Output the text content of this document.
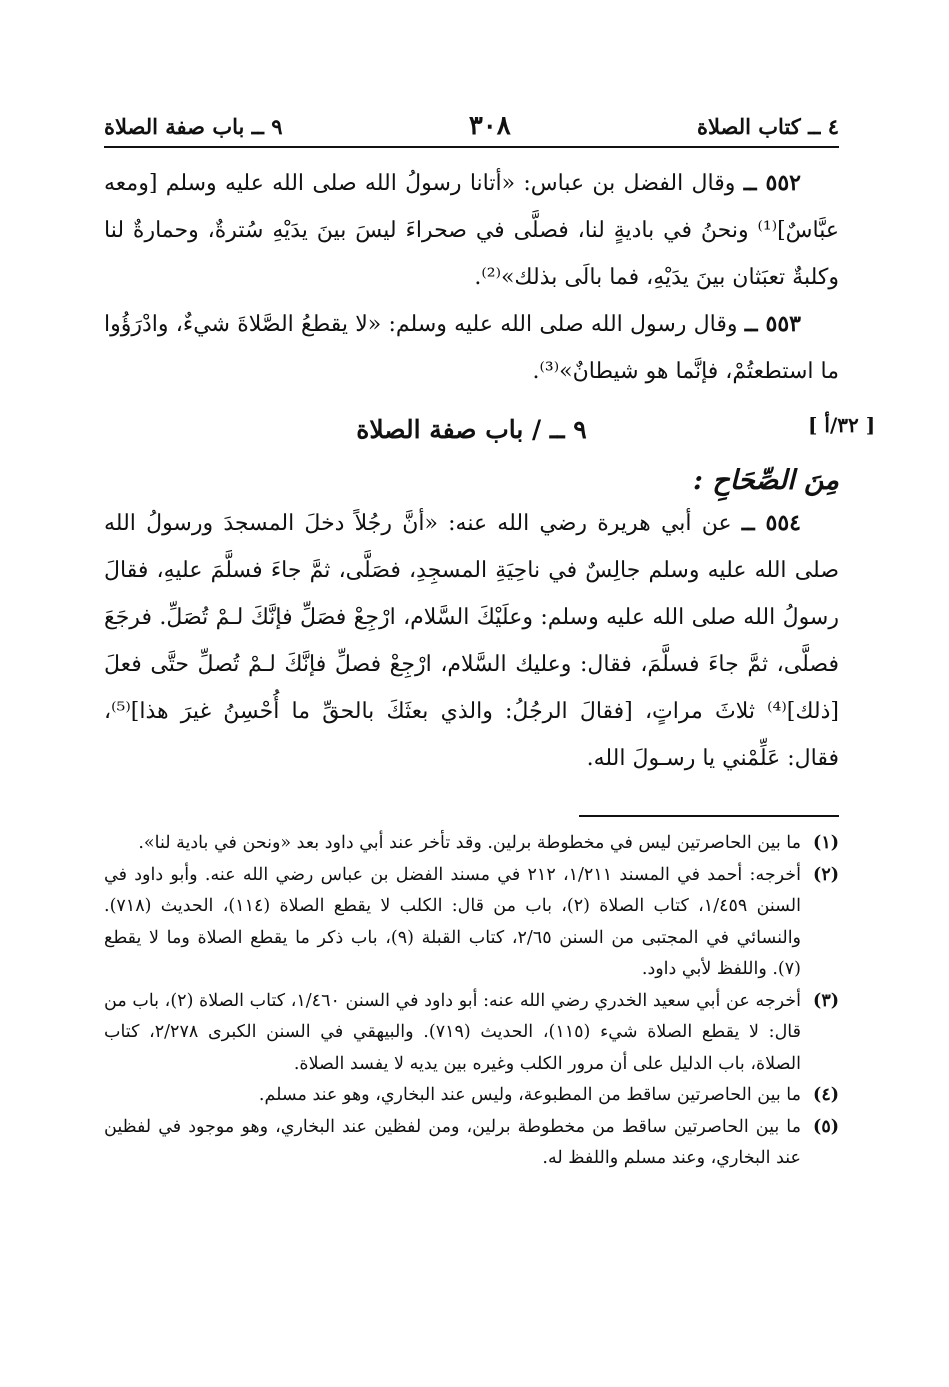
٤ ــ كتاب الصلاة
٣٠٨
٩ ــ باب صفة الصلاة

٥٥٢ ــ وقال الفضل بن عباس: «أتانا رسولُ الله صلى الله عليه وسلم [ومعه عبَّاسٌ]⁽¹⁾ ونحنُ في باديةٍ لنا، فصلَّى في صحراءَ ليسَ بينَ يدَيْهِ سُترةٌ، وحمارةٌ لنا وكلبةٌ تعبَثان بينَ يدَيْهِ، فما بالَى بذلك»⁽²⁾.

٥٥٣ ــ وقال رسول الله صلى الله عليه وسلم: «لا يقطعُ الصَّلاةَ شيءٌ، وادْرَؤُوا ما استطعتُمْ، فإنَّما هو شيطانٌ»⁽³⁾.

٩ ــ / باب صفة الصلاة	[ ٣٢/أ ]
مِنَ الصِّحَاحِ :

٥٥٤ ــ عن أبي هريرة رضي الله عنه: «أنَّ رجُلاً دخلَ المسجدَ ورسولُ الله صلى الله عليه وسلم جالِسٌ في ناحِيَةِ المسجِدِ، فصَلَّى، ثمَّ جاءَ فسلَّمَ عليهِ، فقالَ رسولُ الله صلى الله عليه وسلم: وعلَيْكَ السَّلام، ارْجِعْ فصَلِّ فإنَّكَ لـمْ تُصَلِّ. فرجَعَ فصلَّى، ثمَّ جاءَ فسلَّمَ، فقال: وعليك السَّلام، ارْجِعْ فصلِّ فإنَّكَ لـمْ تُصلِّ حتَّى فعلَ [ذلك]⁽⁴⁾ ثلاثَ مراتٍ، [فقالَ الرجُلُ: والذي بعثَكَ بالحقِّ ما أُحْسِنُ غيرَ هذا]⁽⁵⁾، فقال: عَلِّمْني يا رسـولَ الله.

(١)
ما بين الحاصرتين ليس في مخطوطة برلين. وقد تأخر عند أبي داود بعد «ونحن في بادية لنا».
(٢)
أخرجه: أحمد في المسند ١/٢١١، ٢١٢ في مسند الفضل بن عباس رضي الله عنه. وأبو داود في السنن ١/٤٥٩، كتاب الصلاة (٢)، باب من قال: الكلب لا يقطع الصلاة (١١٤)، الحديث (٧١٨). والنسائي في المجتبى من السنن ٢/٦٥، كتاب القبلة (٩)، باب ذكر ما يقطع الصلاة وما لا يقطع (٧). واللفظ لأبي داود.
(٣)
أخرجه عن أبي سعيد الخدري رضي الله عنه: أبو داود في السنن ١/٤٦٠، كتاب الصلاة (٢)، باب من قال: لا يقطع الصلاة شيء (١١٥)، الحديث (٧١٩). والبيهقي في السنن الكبرى ٢/٢٧٨، كتاب الصلاة، باب الدليل على أن مرور الكلب وغيره بين يديه لا يفسد الصلاة.
(٤)
ما بين الحاصرتين ساقط من المطبوعة، وليس عند البخاري، وهو عند مسلم.
(٥)
ما بين الحاصرتين ساقط من مخطوطة برلين، ومن لفظين عند البخاري، وهو موجود في لفظين عند البخاري، وعند مسلم واللفظ له.
